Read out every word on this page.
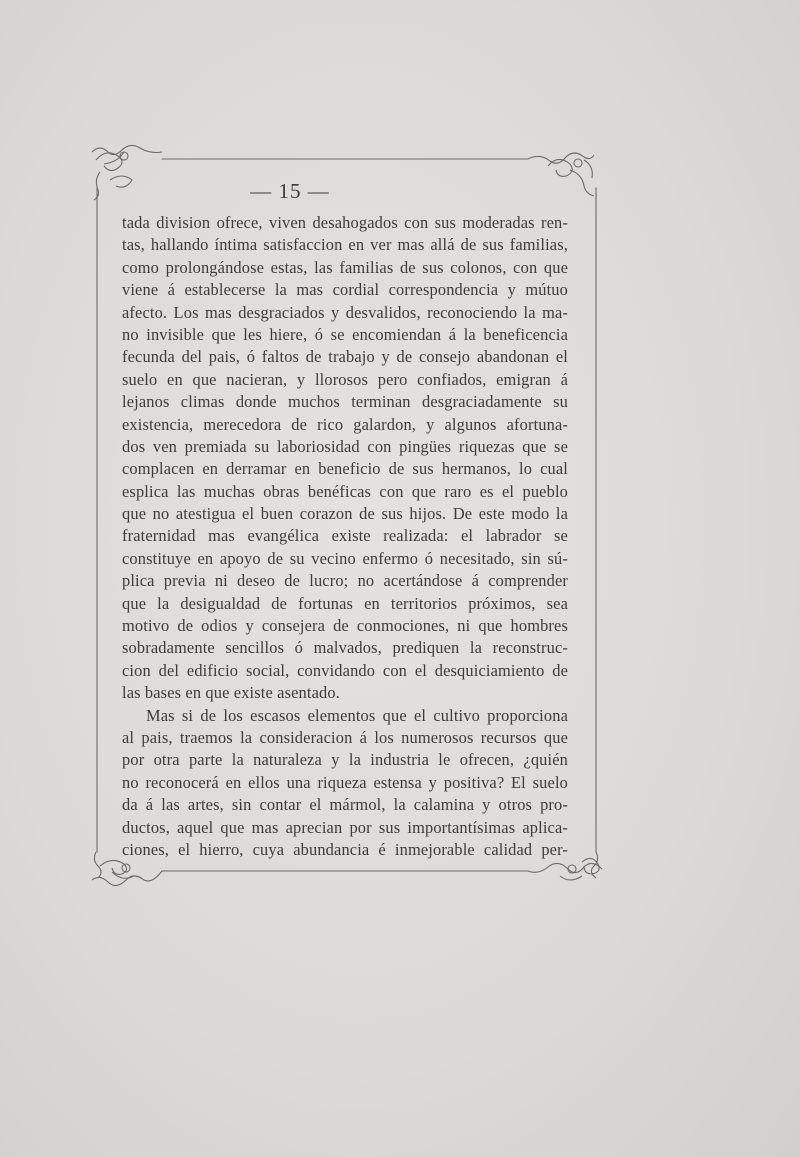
— 15 —
tada division ofrece, viven desahogados con sus moderadas ren-
tas, hallando íntima satisfaccion en ver mas allá de sus familias,
como prolongándose estas, las familias de sus colonos, con que
viene á establecerse la mas cordial correspondencia y mútuo
afecto. Los mas desgraciados y desvalidos, reconociendo la ma-
no invisible que les hiere, ó se encomiendan á la beneficencia
fecunda del pais, ó faltos de trabajo y de consejo abandonan el
suelo en que nacieran, y llorosos pero confiados, emigran á
lejanos climas donde muchos terminan desgraciadamente su
existencia, merecedora de rico galardon, y algunos afortuna-
dos ven premiada su laboriosidad con pingües riquezas que se
complacen en derramar en beneficio de sus hermanos, lo cual
esplica las muchas obras benéficas con que raro es el pueblo
que no atestigua el buen corazon de sus hijos. De este modo la
fraternidad mas evangélica existe realizada: el labrador se
constituye en apoyo de su vecino enfermo ó necesitado, sin sú-
plica previa ni deseo de lucro; no acertándose á comprender
que la desigualdad de fortunas en territorios próximos, sea
motivo de odios y consejera de conmociones, ni que hombres
sobradamente sencillos ó malvados, prediquen la reconstruc-
cion del edificio social, convidando con el desquiciamiento de
las bases en que existe asentado.
Mas si de los escasos elementos que el cultivo proporciona
al pais, traemos la consideracion á los numerosos recursos que
por otra parte la naturaleza y la industria le ofrecen, ¿quién
no reconocerá en ellos una riqueza estensa y positiva? El suelo
da á las artes, sin contar el mármol, la calamina y otros pro-
ductos, aquel que mas aprecian por sus importantísimas aplica-
ciones, el hierro, cuya abundancia é inmejorable calidad per-
